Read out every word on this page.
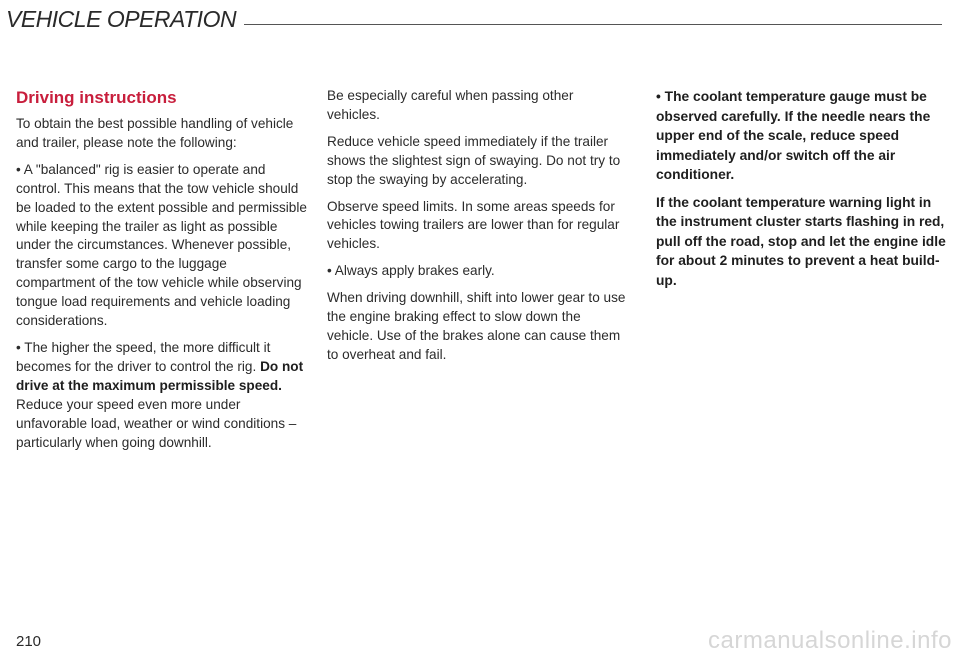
VEHICLE OPERATION
Driving instructions

To obtain the best possible handling of vehicle and trailer, please note the following:

• A "balanced" rig is easier to operate and control. This means that the tow vehicle should be loaded to the extent possible and permissible while keeping the trailer as light as possible under the circumstances. Whenever possible, transfer some cargo to the luggage compartment of the tow vehicle while observing tongue load requirements and vehicle loading considerations.

• The higher the speed, the more difficult it becomes for the driver to control the rig. Do not drive at the maximum permissible speed. Reduce your speed even more under unfavorable load, weather or wind conditions – particularly when going downhill.

Be especially careful when passing other vehicles.

Reduce vehicle speed immediately if the trailer shows the slightest sign of swaying. Do not try to stop the swaying by accelerating.

Observe speed limits. In some areas speeds for vehicles towing trailers are lower than for regular vehicles.

• Always apply brakes early.

When driving downhill, shift into lower gear to use the engine braking effect to slow down the vehicle. Use of the brakes alone can cause them to overheat and fail.

• The coolant temperature gauge must be observed carefully. If the needle nears the upper end of the scale, reduce speed immediately and/or switch off the air conditioner.

If the coolant temperature warning light in the instrument cluster starts flashing in red, pull off the road, stop and let the engine idle for about 2 minutes to prevent a heat build-up.

210	carmanualsonline.info
